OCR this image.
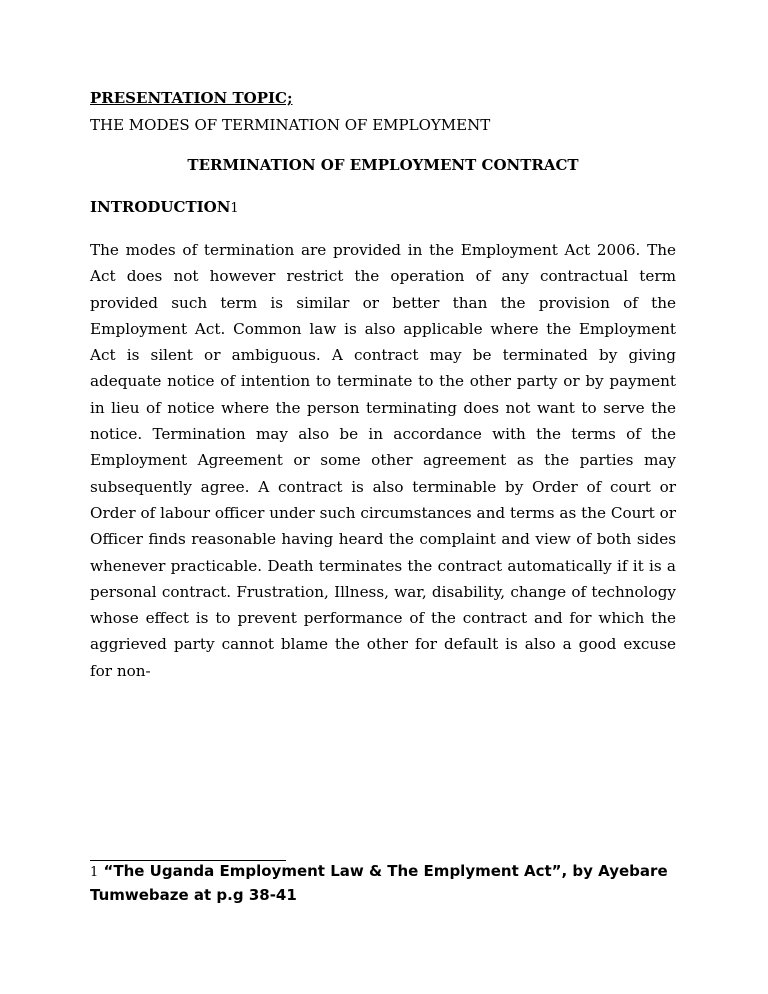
PRESENTATION TOPIC;
THE MODES OF TERMINATION OF EMPLOYMENT
TERMINATION OF EMPLOYMENT CONTRACT
INTRODUCTION1

The modes of termination are provided in the Employment Act 2006. The Act does not however restrict the operation of any contractual term provided such term is similar or better than the provision of the Employment Act. Common law is also applicable where the Employment Act is silent or ambiguous. A contract may be terminated by giving adequate notice of intention to terminate to the other party or by payment in lieu of notice where the person terminating does not want to serve the notice. Termination may also be in accordance with the terms of the Employment Agreement or some other agreement as the parties may subsequently agree. A contract is also terminable by Order of court or Order of labour officer under such circumstances and terms as the Court or Officer finds reasonable having heard the complaint and view of both sides whenever practicable. Death terminates the contract automatically if it is a personal contract. Frustration, Illness, war, disability, change of technology whose effect is to prevent performance of the contract and for which the aggrieved party cannot blame the other for default is also a good excuse for non-

1 “The Uganda Employment Law & The Emplyment Act”, by Ayebare Tumwebaze at p.g 38-41
